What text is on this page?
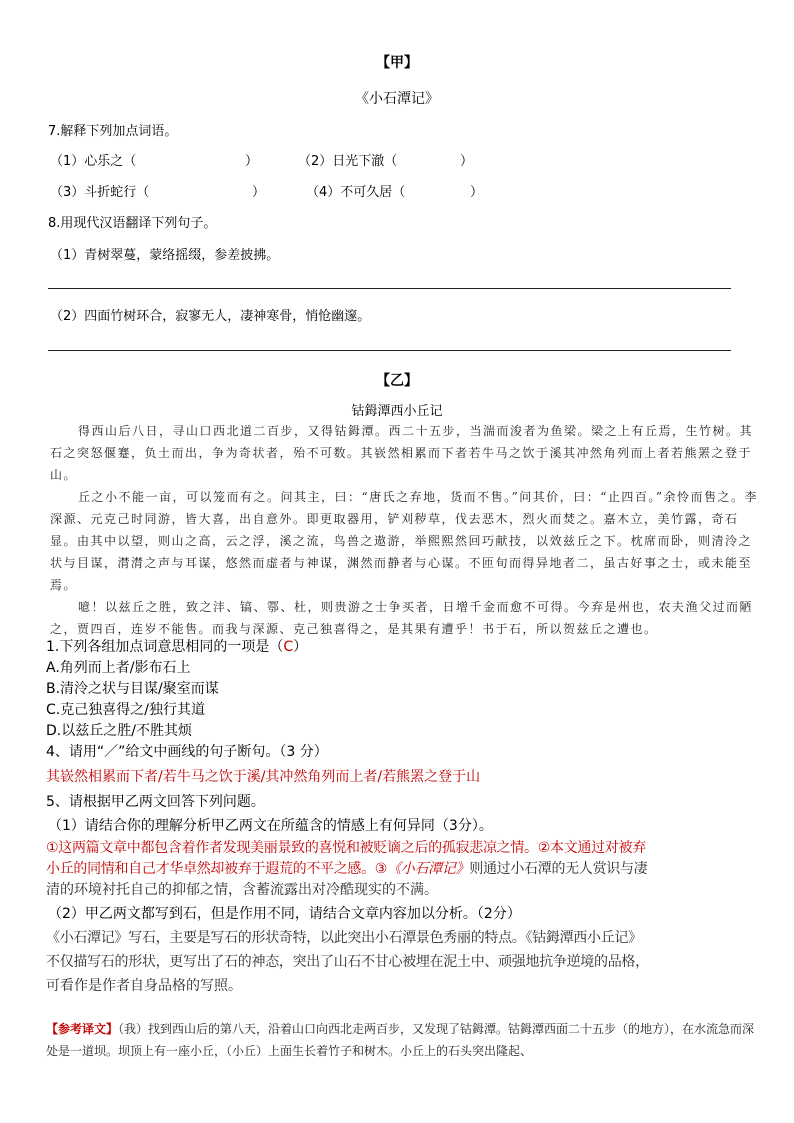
【甲】
《小石潭记》
7.解释下列加点词语。
（1）心乐之（	）	（2）日光下澈（	）
（3）斗折蛇行（	）	（4）不可久居（	）
8.用现代汉语翻译下列句子。
（1）青树翠蔓，蒙络摇缀，参差披拂。
（2）四面竹树环合，寂寥无人，凄神寒骨，悄怆幽邃。
【乙】
钴鉧潭西小丘记
得西山后八日，寻山口西北道二百步，又得钴鉧潭。西二十五步，当湍而浚者为鱼梁。梁之上有丘焉，生竹树。其石之突怒偃蹇，负土而出，争为奇状者，殆不可数。其嵚然相累而下者若牛马之饮于溪其冲然角列而上者若熊罴之登于山。
丘之小不能一亩，可以笼而有之。问其主，曰：“唐氏之弃地，货而不售。”问其价，曰：“止四百。”余怜而售之。李深源、元克己时同游，皆大喜，出自意外。即更取器用，铲刈秽草，伐去恶木，烈火而焚之。嘉木立，美竹露，奇石显。由其中以望，则山之高，云之浮，溪之流，鸟兽之遨游，举熙熙然回巧献技，以效兹丘之下。枕席而卧，则清泠之状与目谋，潸潸之声与耳谋，悠然而虚者与神谋，渊然而静者与心谋。不匝旬而得异地者二，虽古好事之士，或未能至焉。
噫！以兹丘之胜，致之沣、镐、鄠、杜，则贵游之士争买者，日增千金而愈不可得。今弃是州也，农夫渔父过而陋之，贾四百，连岁不能售。而我与深源、克己独喜得之，是其果有遭乎！书于石，所以贺兹丘之遭也。
1.下列各组加点词意思相同的一项是（C）
A.角列而上者/影布石上
B.清泠之状与目谋/聚室而谋
C.克己独喜得之/独行其道
D.以兹丘之胜/不胜其烦
4、请用“／”给文中画线的句子断句。（3 分）
其嵚然相累而下者/若牛马之饮于溪/其冲然角列而上者/若熊罴之登于山
5、请根据甲乙两文回答下列问题。
（1）请结合你的理解分析甲乙两文在所蕴含的情感上有何异同（3分）。
①这两篇文章中都包含着作者发现美丽景致的喜悦和被贬谪之后的孤寂悲凉之情。②本文通过对被弃
小丘的同情和自己才华卓然却被弃于遐荒的不平之感。③《小石潭记》则通过小石潭的无人赏识与凄
清的环境衬托自己的抑郁之情，含蓄流露出对冷酷现实的不满。
（2）甲乙两文都写到石，但是作用不同，请结合文章内容加以分析。（2分）
《小石潭记》写石，主要是写石的形状奇特，以此突出小石潭景色秀丽的特点。《钴鉧潭西小丘记》
不仅描写石的形状，更写出了石的神态，突出了山石不甘心被埋在泥土中、顽强地抗争逆境的品格，
可看作是作者自身品格的写照。
【参考译文】（我）找到西山后的第八天，沿着山口向西北走两百步，又发现了钴鉧潭。钴鉧潭西面二十五步（的地方），在水流急而深处是一道坝。坝顶上有一座小丘，（小丘）上面生长着竹子和树木。小丘上的石头突出隆起、
